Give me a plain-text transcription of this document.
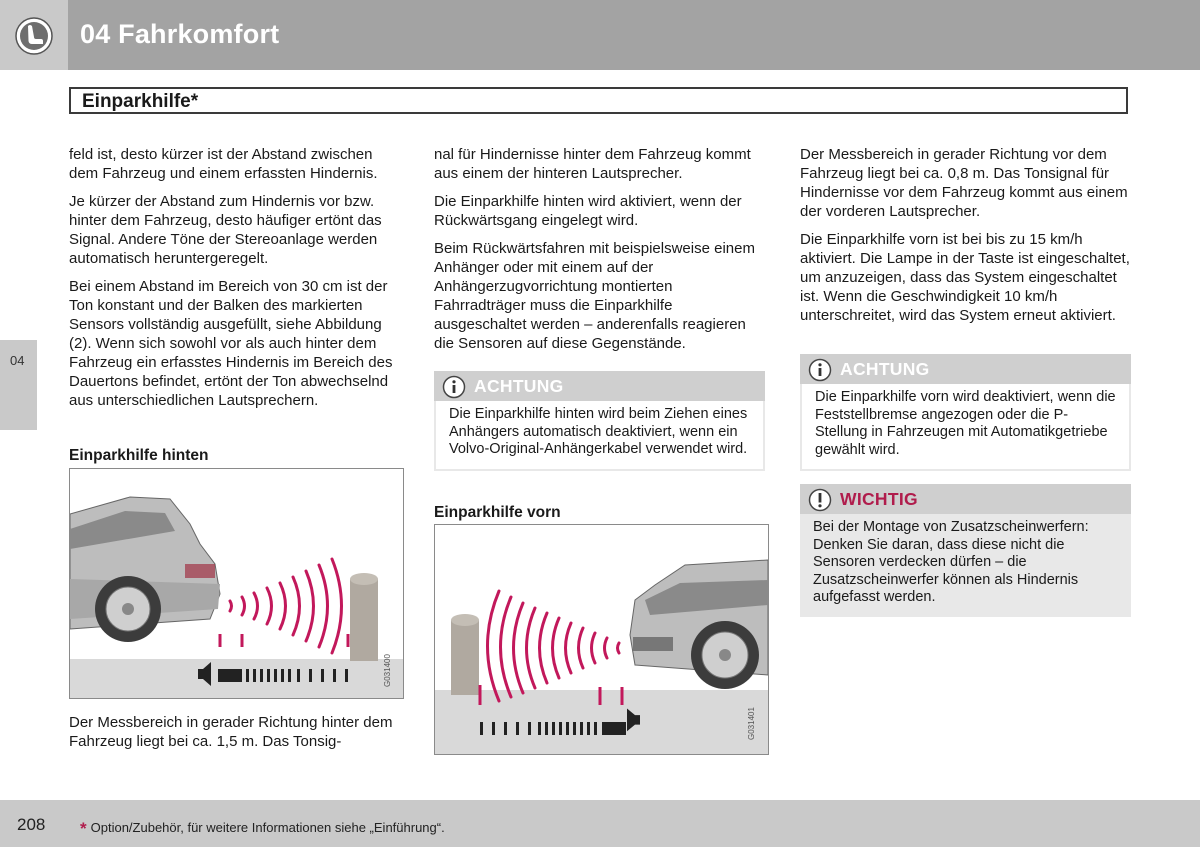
04 Fahrkomfort
Einparkhilfe*
04

feld ist, desto kürzer ist der Abstand zwischen dem Fahrzeug und einem erfassten Hindernis.

Je kürzer der Abstand zum Hindernis vor bzw. hinter dem Fahrzeug, desto häufiger ertönt das Signal. Andere Töne der Stereoanlage werden automatisch heruntergeregelt.

Bei einem Abstand im Bereich von 30 cm ist der Ton konstant und der Balken des markierten Sensors vollständig ausgefüllt, siehe Abbildung (2). Wenn sich sowohl vor als auch hinter dem Fahrzeug ein erfasstes Hindernis im Bereich des Dauertons befindet, ertönt der Ton abwechselnd aus unterschiedlichen Lautsprechern.

Einparkhilfe hinten
G031400
Der Messbereich in gerader Richtung hinter dem Fahrzeug liegt bei ca. 1,5 m. Das Tonsig-

nal für Hindernisse hinter dem Fahrzeug kommt aus einem der hinteren Lautsprecher.

Die Einparkhilfe hinten wird aktiviert, wenn der Rückwärtsgang eingelegt wird.

Beim Rückwärtsfahren mit beispielsweise einem Anhänger oder mit einem auf der Anhängerzugvorrichtung montierten Fahrradträger muss die Einparkhilfe ausgeschaltet werden – anderenfalls reagieren die Sensoren auf diese Gegenstände.

ACHTUNG
Die Einparkhilfe hinten wird beim Ziehen eines Anhängers automatisch deaktiviert, wenn ein Volvo-Original-Anhängerkabel verwendet wird.
Einparkhilfe vorn
G031401

Der Messbereich in gerader Richtung vor dem Fahrzeug liegt bei ca. 0,8 m. Das Tonsignal für Hindernisse vor dem Fahrzeug kommt aus einem der vorderen Lautsprecher.

Die Einparkhilfe vorn ist bei bis zu 15 km/h aktiviert. Die Lampe in der Taste ist eingeschaltet, um anzuzeigen, dass das System eingeschaltet ist. Wenn die Geschwindigkeit 10 km/h unterschreitet, wird das System erneut aktiviert.

ACHTUNG
Die Einparkhilfe vorn wird deaktiviert, wenn die Feststellbremse angezogen oder die P-Stellung in Fahrzeugen mit Automatikgetriebe gewählt wird.
WICHTIG
Bei der Montage von Zusatzscheinwerfern: Denken Sie daran, dass diese nicht die Sensoren verdecken dürfen – die Zusatzscheinwerfer können als Hindernis aufgefasst werden.
208 * Option/Zubehör, für weitere Informationen siehe „Einführung“.
